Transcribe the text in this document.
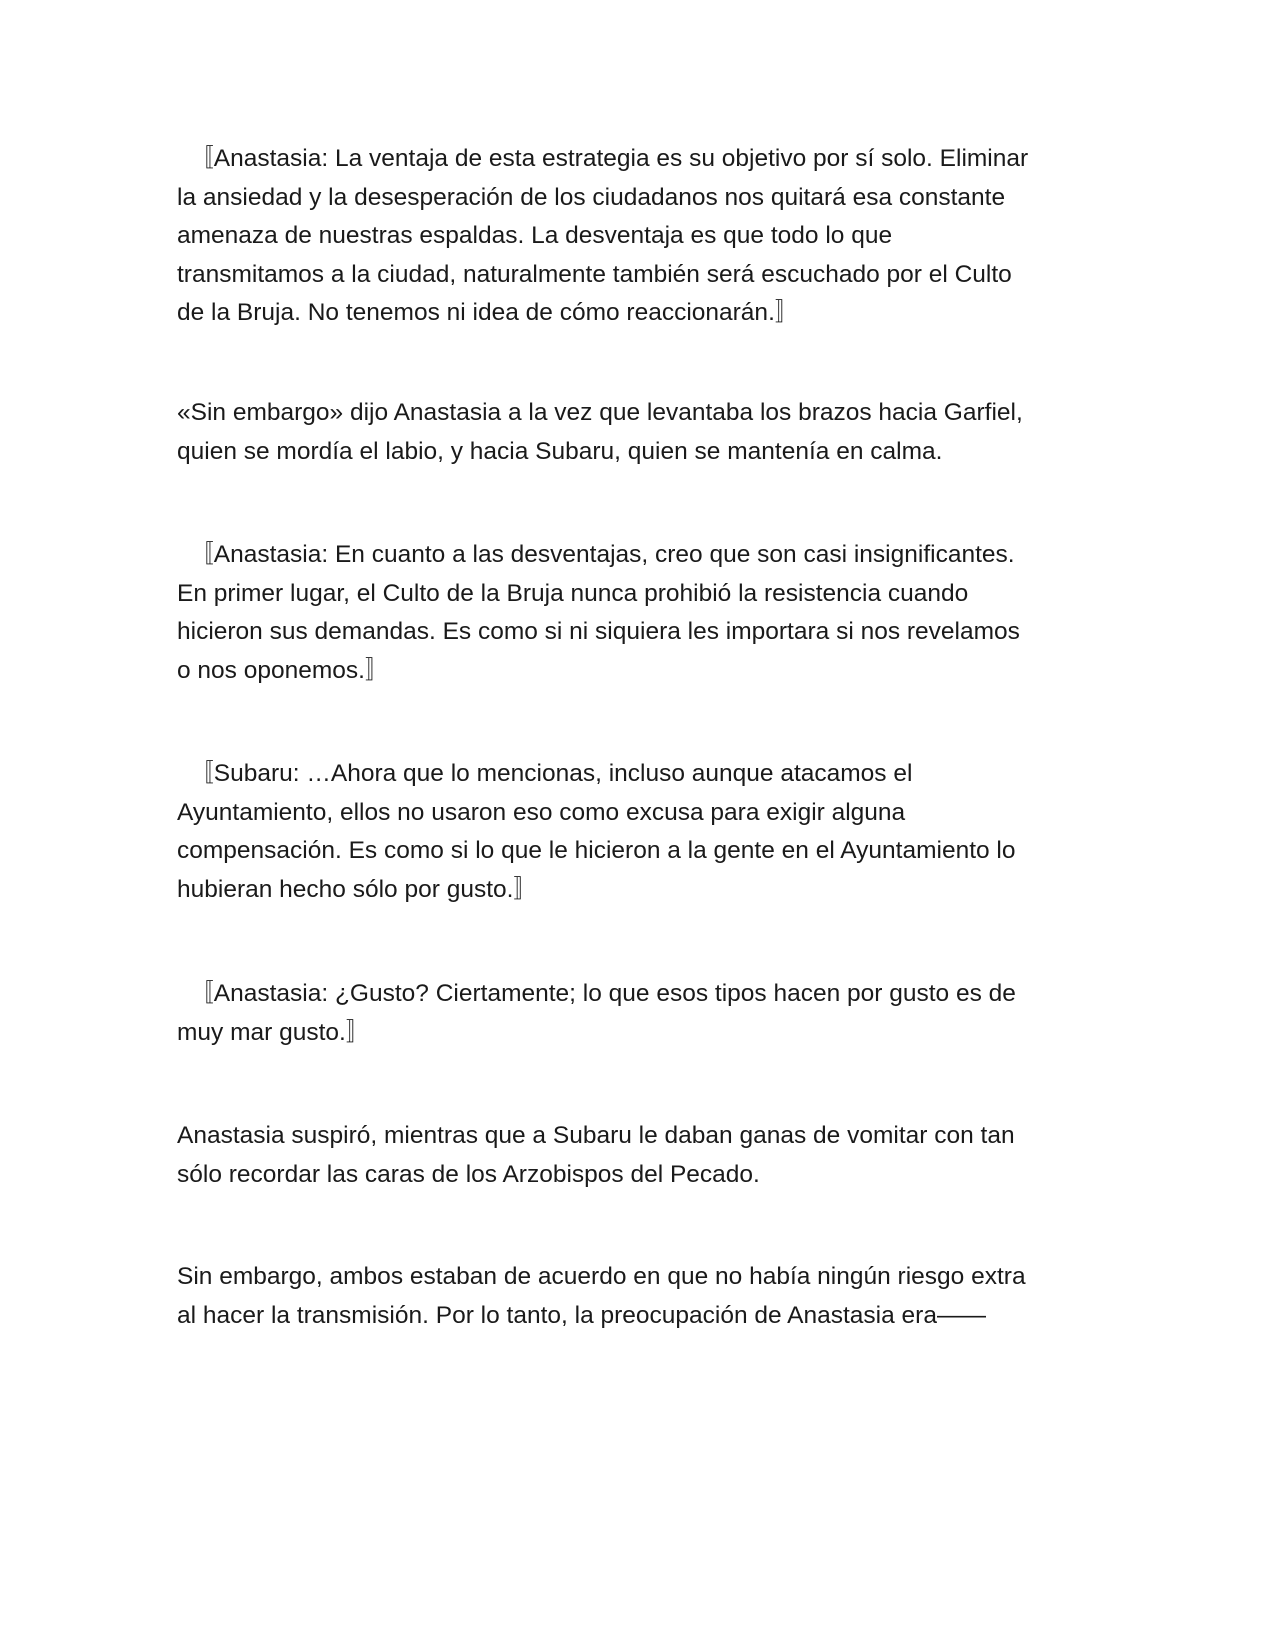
　〚Anastasia: La ventaja de esta estrategia es su objetivo por sí solo. Eliminar
la ansiedad y la desesperación de los ciudadanos nos quitará esa constante
amenaza de nuestras espaldas. La desventaja es que todo lo que
transmitamos a la ciudad, naturalmente también será escuchado por el Culto
de la Bruja. No tenemos ni idea de cómo reaccionarán.〛

«Sin embargo» dijo Anastasia a la vez que levantaba los brazos hacia Garfiel,
quien se mordía el labio, y hacia Subaru, quien se mantenía en calma.

　〚Anastasia: En cuanto a las desventajas, creo que son casi insignificantes.
En primer lugar, el Culto de la Bruja nunca prohibió la resistencia cuando
hicieron sus demandas. Es como si ni siquiera les importara si nos revelamos
o nos oponemos.〛

　〚Subaru: …Ahora que lo mencionas, incluso aunque atacamos el
Ayuntamiento, ellos no usaron eso como excusa para exigir alguna
compensación. Es como si lo que le hicieron a la gente en el Ayuntamiento lo
hubieran hecho sólo por gusto.〛

　〚Anastasia: ¿Gusto? Ciertamente; lo que esos tipos hacen por gusto es de
muy mar gusto.〛

Anastasia suspiró, mientras que a Subaru le daban ganas de vomitar con tan
sólo recordar las caras de los Arzobispos del Pecado.

Sin embargo, ambos estaban de acuerdo en que no había ningún riesgo extra
al hacer la transmisión. Por lo tanto, la preocupación de Anastasia era——
